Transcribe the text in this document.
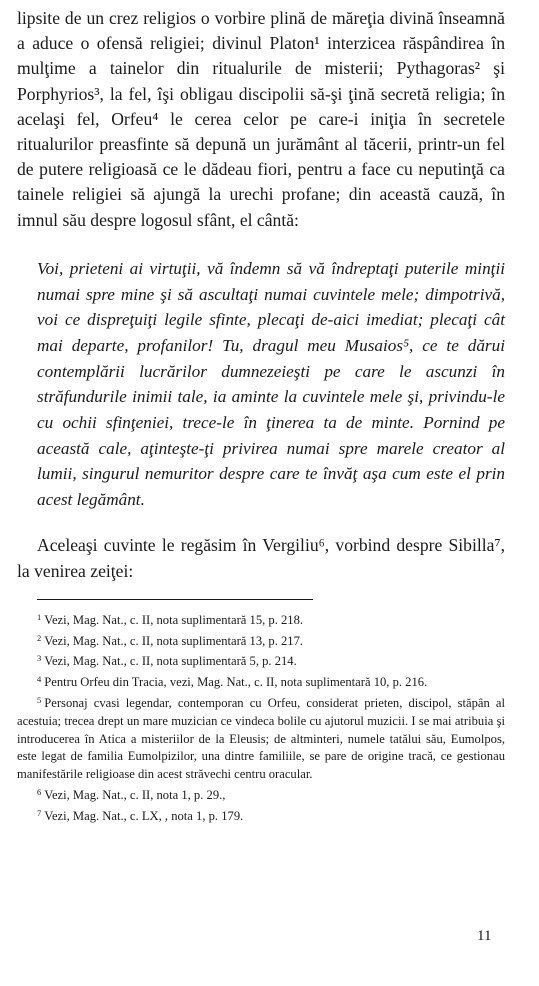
lipsite de un crez religios o vorbire plină de măreţia divină înseamnă a aduce o ofensă religiei; divinul Platon¹ interzicea răspândirea în mulţime a tainelor din ritualurile de misterii; Pythagoras² şi Porphyrios³, la fel, îşi obligau discipolii să-şi ţină secretă religia; în acelaşi fel, Orfeu⁴ le cerea celor pe care-i iniţia în secretele ritualurilor preasfinte să depună un jurământ al tăcerii, printr-un fel de putere religioasă ce le dădeau fiori, pentru a face cu neputinţă ca tainele religiei să ajungă la urechi profane; din această cauză, în imnul său despre logosul sfânt, el cântă:

Voi, prieteni ai virtuţii, vă îndemn să vă îndreptaţi puterile minţii numai spre mine şi să ascultaţi numai cuvintele mele; dimpotrivă, voi ce dispreţuiţi legile sfinte, plecaţi de-aici imediat; plecaţi cât mai departe, profanilor! Tu, dragul meu Musaios⁵, ce te dărui contemplării lucrărilor dumnezeieşti pe care le ascunzi în străfundurile inimii tale, ia aminte la cuvintele mele şi, privindu-le cu ochii sfinţeniei, trece-le în ţinerea ta de minte. Pornind pe această cale, aţinteşte-ţi privirea numai spre marele creator al lumii, singurul nemuritor despre care te învăţ aşa cum este el prin acest legământ.

Aceleaşi cuvinte le regăsim în Vergiliu⁶, vorbind despre Sibilla⁷, la venirea zeiţei:

$^1$ Vezi, Mag. Nat., c. II, nota suplimentară 15, p. 218.

$^2$ Vezi, Mag. Nat., c. II, nota suplimentară 13, p. 217.

$^3$ Vezi, Mag. Nat., c. II, nota suplimentară 5, p. 214.

$^4$ Pentru Orfeu din Tracia, vezi, Mag. Nat., c. II, nota suplimentară 10, p. 216.

$^5$ Personaj cvasi legendar, contemporan cu Orfeu, considerat prieten, discipol, stăpân al acestuia; trecea drept un mare muzician ce vindeca bolile cu ajutorul muzicii. I se mai atribuia şi introducerea în Atica a misteriilor de la Eleusis; de altminteri, numele tatălui său, Eumolpos, este legat de familia Eumolpizilor, una dintre familiile, se pare de origine tracă, ce gestionau manifestările religioase din acest străvechi centru oracular.

$^6$ Vezi, Mag. Nat., c. II, nota 1, p. 29.,

$^7$ Vezi, Mag. Nat., c. LX, , nota 1, p. 179.

11
